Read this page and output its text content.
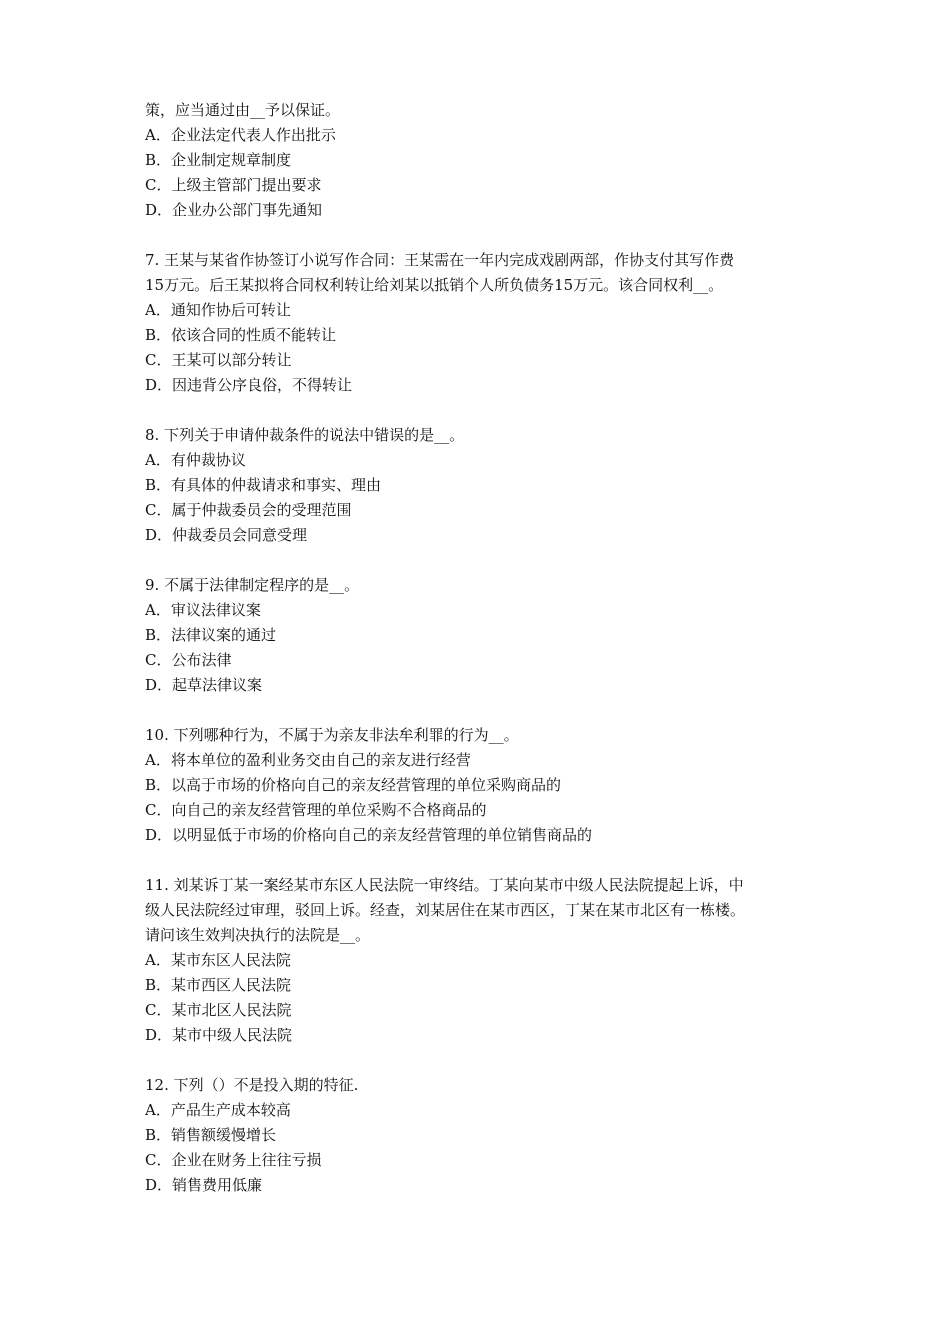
策，应当通过由__予以保证。
A．企业法定代表人作出批示
B．企业制定规章制度
C．上级主管部门提出要求
D．企业办公部门事先通知
7. 王某与某省作协签订小说写作合同：王某需在一年内完成戏剧两部，作协支付其写作费
15万元。后王某拟将合同权利转让给刘某以抵销个人所负债务15万元。该合同权利__。
A．通知作协后可转让
B．依该合同的性质不能转让
C．王某可以部分转让
D．因违背公序良俗，不得转让
8. 下列关于申请仲裁条件的说法中错误的是__。
A．有仲裁协议
B．有具体的仲裁请求和事实、理由
C．属于仲裁委员会的受理范围
D．仲裁委员会同意受理
9. 不属于法律制定程序的是__。
A．审议法律议案
B．法律议案的通过
C．公布法律
D．起草法律议案
10. 下列哪种行为，不属于为亲友非法牟利罪的行为__。
A．将本单位的盈利业务交由自己的亲友进行经营
B．以高于市场的价格向自己的亲友经营管理的单位采购商品的
C．向自己的亲友经营管理的单位采购不合格商品的
D．以明显低于市场的价格向自己的亲友经营管理的单位销售商品的
11. 刘某诉丁某一案经某市东区人民法院一审终结。丁某向某市中级人民法院提起上诉，中
级人民法院经过审理，驳回上诉。经查，刘某居住在某市西区，丁某在某市北区有一栋楼。
请问该生效判决执行的法院是__。
A．某市东区人民法院
B．某市西区人民法院
C．某市北区人民法院
D．某市中级人民法院
12. 下列（）不是投入期的特征.
A．产品生产成本较高
B．销售额缓慢增长
C．企业在财务上往往亏损
D．销售费用低廉
